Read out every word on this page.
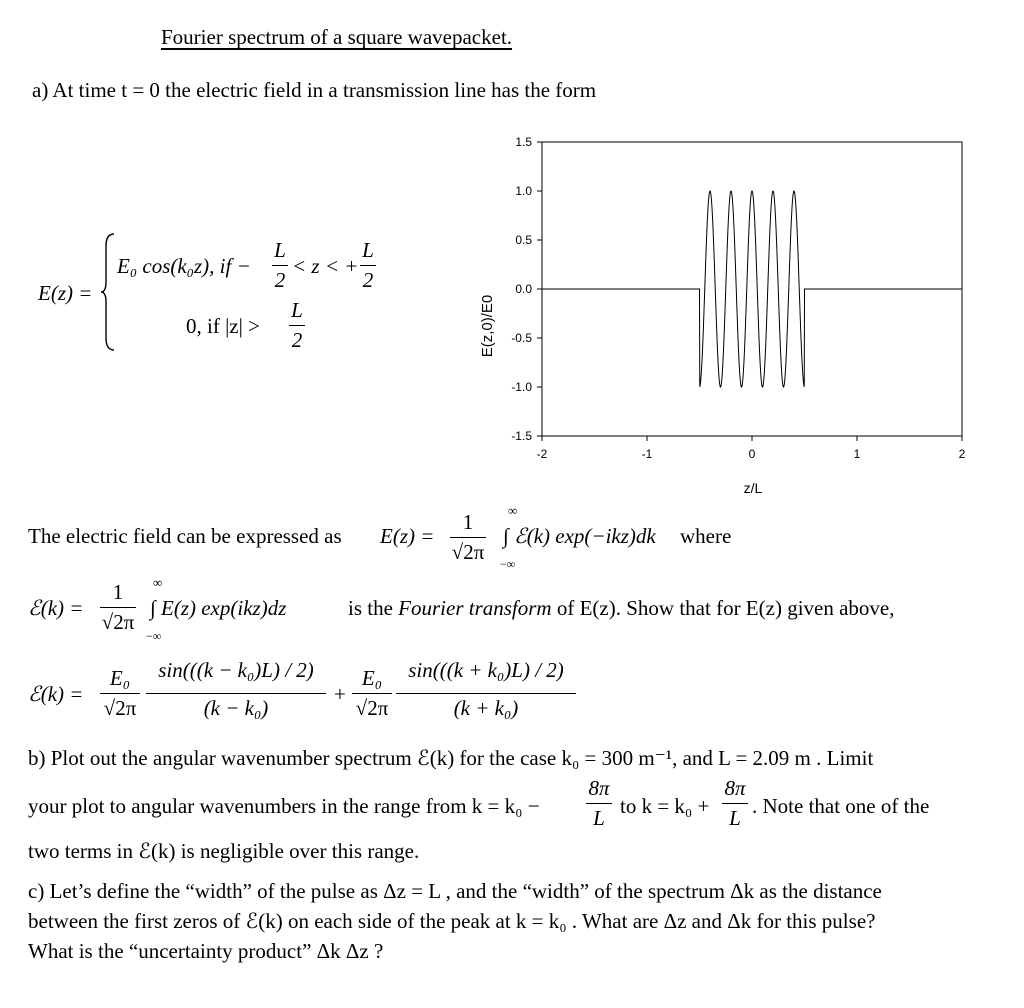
Fourier spectrum of a square wavepacket.
a) At time t = 0 the electric field in a transmission line has the form
E(z) =
E₀ cos(k₀z), if −
L
2
< z < +
L
2
0, if |z| >
L
2
1.5
1.0
0.5
0.0
-0.5
-1.0
-1.5
-2	-1	0	1	2
E(z,0)/E0
z/L
The electric field can be expressed as E(z) =
1
√2π
∞
∫ ℰ(k) exp(−ikz)dk
−∞
where
ℰ(k) =
1
√2π
∞
∫ E(z) exp(ikz)dz
−∞
is the Fourier transform of E(z). Show that for E(z) given above,
ℰ(k) =
E₀
√2π
sin(((k − k₀)L) / 2)
(k − k₀)
+
E₀
√2π
sin(((k + k₀)L) / 2)
(k + k₀)
b) Plot out the angular wavenumber spectrum ℰ(k) for the case k₀ = 300 m⁻¹, and L = 2.09 m . Limit
your plot to angular wavenumbers in the range from k = k₀ −
8π
L to k = k₀ +
8π
L . Note that one of the
two terms in ℰ(k) is negligible over this range.
c) Let’s define the “width” of the pulse as Δz = L , and the “width” of the spectrum Δk as the distance
between the first zeros of ℰ(k) on each side of the peak at k = k₀ . What are Δz and Δk for this pulse?
What is the “uncertainty product” Δk Δz ?
